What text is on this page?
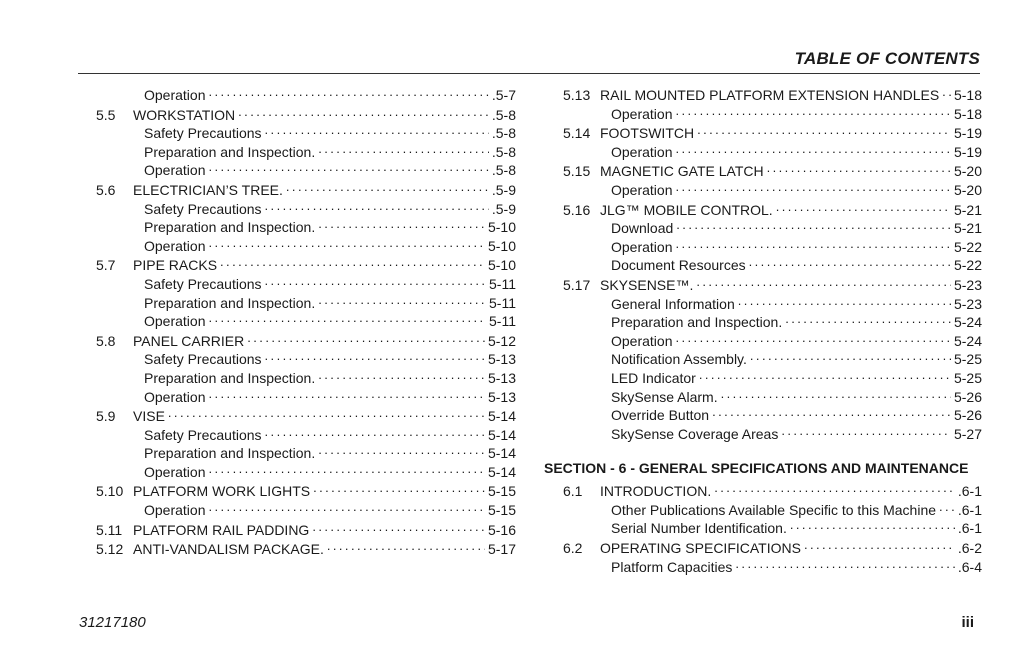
TABLE OF CONTENTS
Operation . . .	.5-7
5.5	WORKSTATION . . .	.5-8
Safety Precautions . . .	.5-8
Preparation and Inspection. . . .	.5-8
Operation . . .	.5-8
5.6	ELECTRICIAN’S TREE. . . .	.5-9
Safety Precautions . . .	.5-9
Preparation and Inspection. . . .	5-10
Operation . . .	5-10
5.7	PIPE RACKS . . .	5-10
Safety Precautions . . .	5-11
Preparation and Inspection. . . .	5-11
Operation . . .	5-11
5.8	PANEL CARRIER . . .	5-12
Safety Precautions . . .	5-13
Preparation and Inspection. . . .	5-13
Operation . . .	5-13
5.9	VISE . . .	5-14
Safety Precautions . . .	5-14
Preparation and Inspection. . . .	5-14
Operation . . .	5-14
5.10 PLATFORM WORK LIGHTS . . .	5-15
Operation . . .	5-15
5.11 PLATFORM RAIL PADDING . . .	5-16
5.12 ANTI-VANDALISM PACKAGE. . . .	5-17
5.13 RAIL MOUNTED PLATFORM EXTENSION HANDLES . . . 5-18
Operation . . .	5-18
5.14 FOOTSWITCH . . .	5-19
Operation . . .	5-19
5.15 MAGNETIC GATE LATCH . . .	5-20
Operation . . .	5-20
5.16 JLG™ MOBILE CONTROL. . . .	5-21
Download . . .	5-21
Operation . . .	5-22
Document Resources . . .	5-22
5.17 SKYSENSE™. . . .	5-23
General Information . . .	5-23
Preparation and Inspection. . . .	5-24
Operation . . .	5-24
Notification Assembly. . . .	5-25
LED Indicator . . .	5-25
SkySense Alarm. . . .	5-26
Override Button . . .	5-26
SkySense Coverage Areas . . .	5-27
SECTION - 6 - GENERAL SPECIFICATIONS AND MAINTENANCE
6.1	INTRODUCTION. . . .	.6-1
Other Publications Available Specific to this Machine . . . .6-1
Serial Number Identification. . . .	.6-1
6.2	OPERATING SPECIFICATIONS . . .	.6-2
Platform Capacities . . .	.6-4
31217180	iii
